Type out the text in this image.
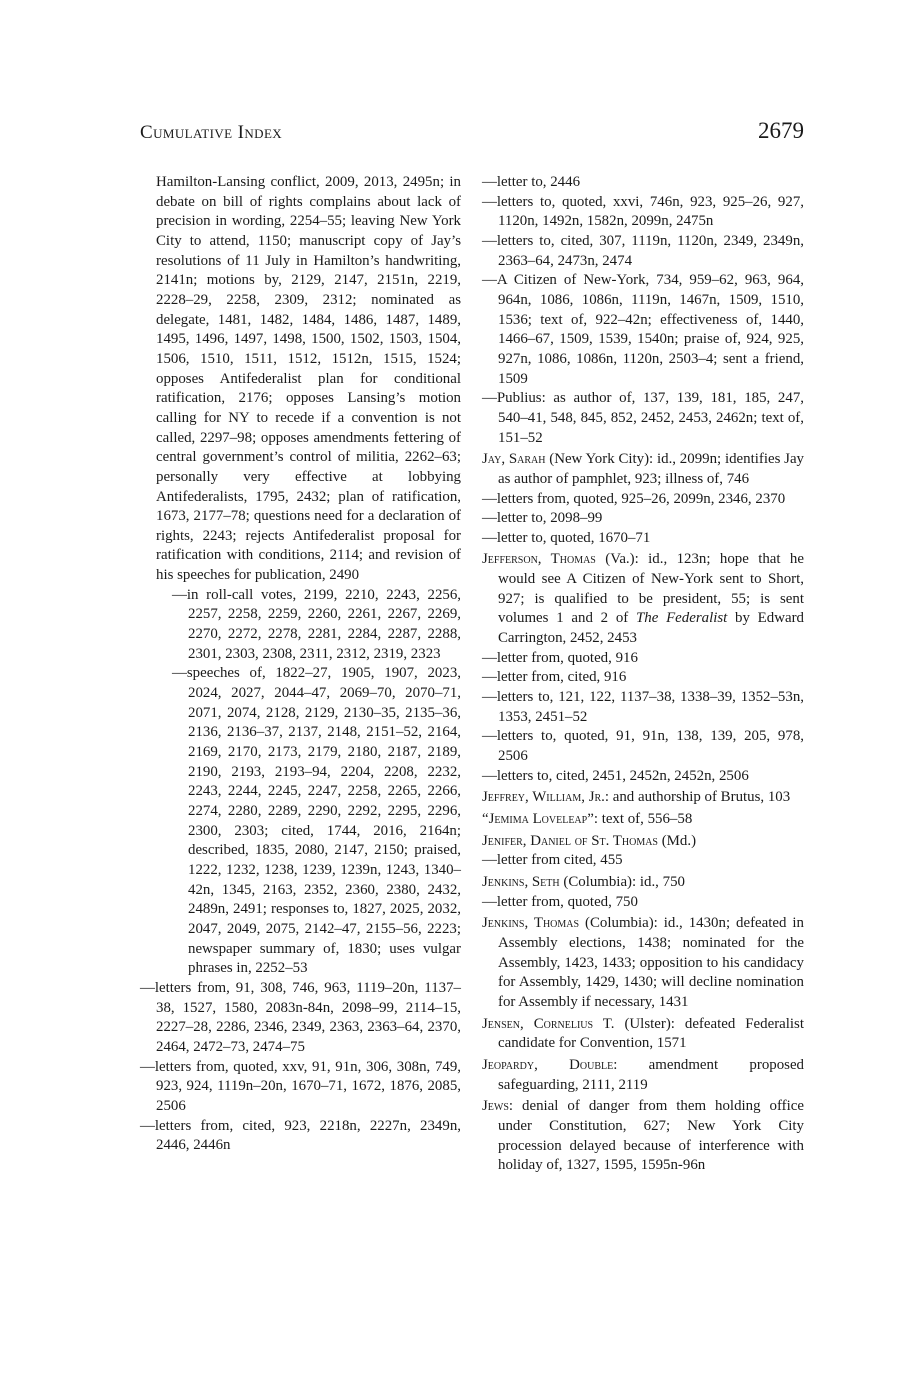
Cumulative Index	2679
Hamilton-Lansing conflict, 2009, 2013, 2495n; in debate on bill of rights complains about lack of precision in wording, 2254–55; leaving New York City to attend, 1150; manuscript copy of Jay’s resolutions of 11 July in Hamilton’s handwriting, 2141n; motions by, 2129, 2147, 2151n, 2219, 2228–29, 2258, 2309, 2312; nominated as delegate, 1481, 1482, 1484, 1486, 1487, 1489, 1495, 1496, 1497, 1498, 1500, 1502, 1503, 1504, 1506, 1510, 1511, 1512, 1512n, 1515, 1524; opposes Antifederalist plan for conditional ratification, 2176; opposes Lansing’s motion calling for NY to recede if a convention is not called, 2297–98; opposes amendments fettering of central government’s control of militia, 2262–63; personally very effective at lobbying Antifederalists, 1795, 2432; plan of ratification, 1673, 2177–78; questions need for a declaration of rights, 2243; rejects Antifederalist proposal for ratification with conditions, 2114; and revision of his speeches for publication, 2490
—in roll-call votes, 2199, 2210, 2243, 2256, 2257, 2258, 2259, 2260, 2261, 2267, 2269, 2270, 2272, 2278, 2281, 2284, 2287, 2288, 2301, 2303, 2308, 2311, 2312, 2319, 2323
—speeches of, 1822–27, 1905, 1907, 2023, 2024, 2027, 2044–47, 2069–70, 2070–71, 2071, 2074, 2128, 2129, 2130–35, 2135–36, 2136, 2136–37, 2137, 2148, 2151–52, 2164, 2169, 2170, 2173, 2179, 2180, 2187, 2189, 2190, 2193, 2193–94, 2204, 2208, 2232, 2243, 2244, 2245, 2247, 2258, 2265, 2266, 2274, 2280, 2289, 2290, 2292, 2295, 2296, 2300, 2303; cited, 1744, 2016, 2164n; described, 1835, 2080, 2147, 2150; praised, 1222, 1232, 1238, 1239, 1239n, 1243, 1340–42n, 1345, 2163, 2352, 2360, 2380, 2432, 2489n, 2491; responses to, 1827, 2025, 2032, 2047, 2049, 2075, 2142–47, 2155–56, 2223; newspaper summary of, 1830; uses vulgar phrases in, 2252–53
—letters from, 91, 308, 746, 963, 1119–20n, 1137–38, 1527, 1580, 2083n-84n, 2098–99, 2114–15, 2227–28, 2286, 2346, 2349, 2363, 2363–64, 2370, 2464, 2472–73, 2474–75
—letters from, quoted, xxv, 91, 91n, 306, 308n, 749, 923, 924, 1119n–20n, 1670–71, 1672, 1876, 2085, 2506
—letters from, cited, 923, 2218n, 2227n, 2349n, 2446, 2446n
—letter to, 2446
—letters to, quoted, xxvi, 746n, 923, 925–26, 927, 1120n, 1492n, 1582n, 2099n, 2475n
—letters to, cited, 307, 1119n, 1120n, 2349, 2349n, 2363–64, 2473n, 2474
—A Citizen of New-York, 734, 959–62, 963, 964, 964n, 1086, 1086n, 1119n, 1467n, 1509, 1510, 1536; text of, 922–42n; effectiveness of, 1440, 1466–67, 1509, 1539, 1540n; praise of, 924, 925, 927n, 1086, 1086n, 1120n, 2503–4; sent a friend, 1509
—Publius: as author of, 137, 139, 181, 185, 247, 540–41, 548, 845, 852, 2452, 2453, 2462n; text of, 151–52
Jay, Sarah (New York City): id., 2099n; identifies Jay as author of pamphlet, 923; illness of, 746
—letters from, quoted, 925–26, 2099n, 2346, 2370
—letter to, 2098–99
—letter to, quoted, 1670–71
Jefferson, Thomas (Va.): id., 123n; hope that he would see A Citizen of New-York sent to Short, 927; is qualified to be president, 55; is sent volumes 1 and 2 of The Federalist by Edward Carrington, 2452, 2453
—letter from, quoted, 916
—letter from, cited, 916
—letters to, 121, 122, 1137–38, 1338–39, 1352–53n, 1353, 2451–52
—letters to, quoted, 91, 91n, 138, 139, 205, 978, 2506
—letters to, cited, 2451, 2452n, 2452n, 2506
Jeffrey, William, Jr.: and authorship of Brutus, 103
“Jemima Loveleap”: text of, 556–58
Jenifer, Daniel of St. Thomas (Md.)
—letter from cited, 455
Jenkins, Seth (Columbia): id., 750
—letter from, quoted, 750
Jenkins, Thomas (Columbia): id., 1430n; defeated in Assembly elections, 1438; nominated for the Assembly, 1423, 1433; opposition to his candidacy for Assembly, 1429, 1430; will decline nomination for Assembly if necessary, 1431
Jensen, Cornelius T. (Ulster): defeated Federalist candidate for Convention, 1571
Jeopardy, Double: amendment proposed safeguarding, 2111, 2119
Jews: denial of danger from them holding office under Constitution, 627; New York City procession delayed because of interference with holiday of, 1327, 1595, 1595n-96n
